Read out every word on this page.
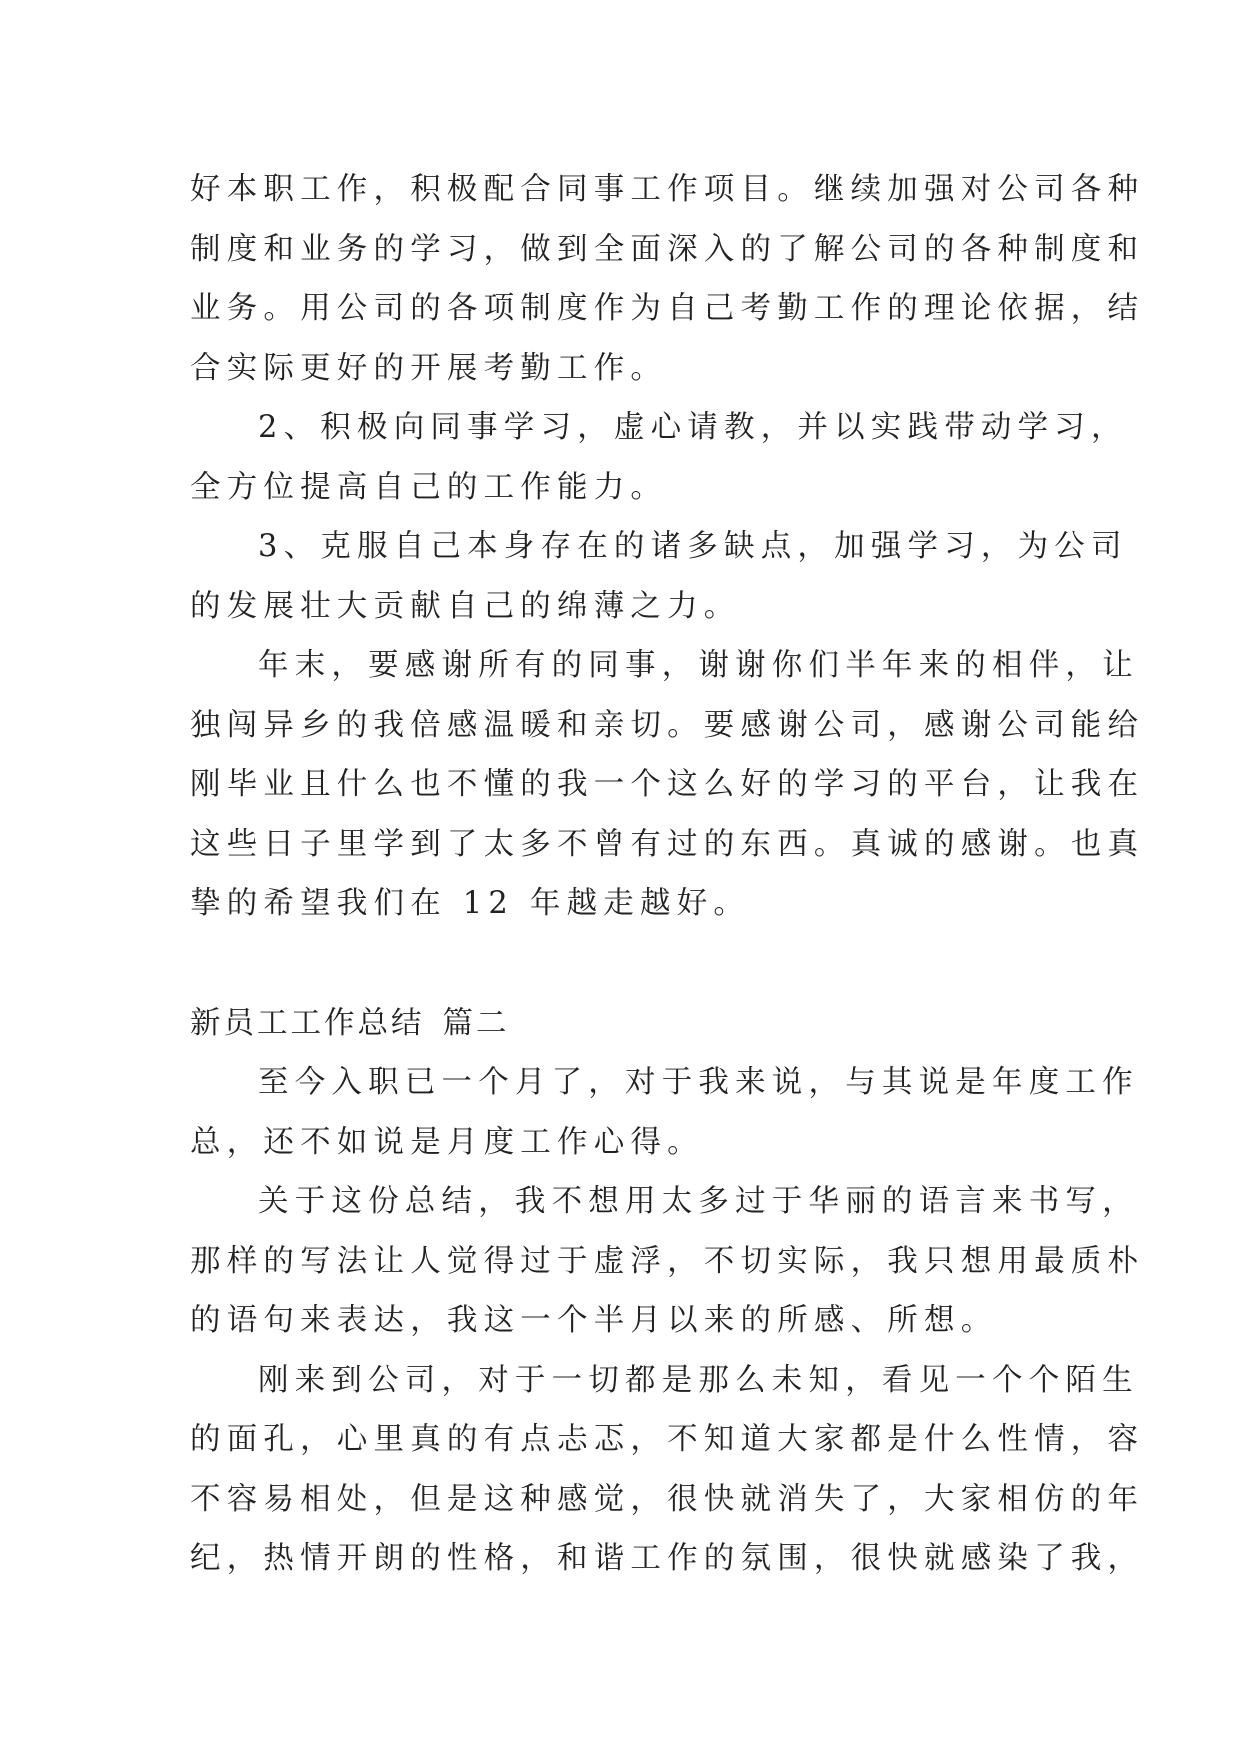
好本职工作，积极配合同事工作项目。继续加强对公司各种
制度和业务的学习，做到全面深入的了解公司的各种制度和
业务。用公司的各项制度作为自己考勤工作的理论依据，结
合实际更好的开展考勤工作。
2、积极向同事学习，虚心请教，并以实践带动学习，
全方位提高自己的工作能力。
3、克服自己本身存在的诸多缺点，加强学习，为公司
的发展壮大贡献自己的绵薄之力。
年末，要感谢所有的同事，谢谢你们半年来的相伴，让
独闯异乡的我倍感温暖和亲切。要感谢公司，感谢公司能给
刚毕业且什么也不懂的我一个这么好的学习的平台，让我在
这些日子里学到了太多不曾有过的东西。真诚的感谢。也真
挚的希望我们在 12 年越走越好。
新员工工作总结 篇二
至今入职已一个月了，对于我来说，与其说是年度工作
总，还不如说是月度工作心得。
关于这份总结，我不想用太多过于华丽的语言来书写，
那样的写法让人觉得过于虚浮，不切实际，我只想用最质朴
的语句来表达，我这一个半月以来的所感、所想。
刚来到公司，对于一切都是那么未知，看见一个个陌生
的面孔，心里真的有点忐忑，不知道大家都是什么性情，容
不容易相处，但是这种感觉，很快就消失了，大家相仿的年
纪，热情开朗的性格，和谐工作的氛围，很快就感染了我，
